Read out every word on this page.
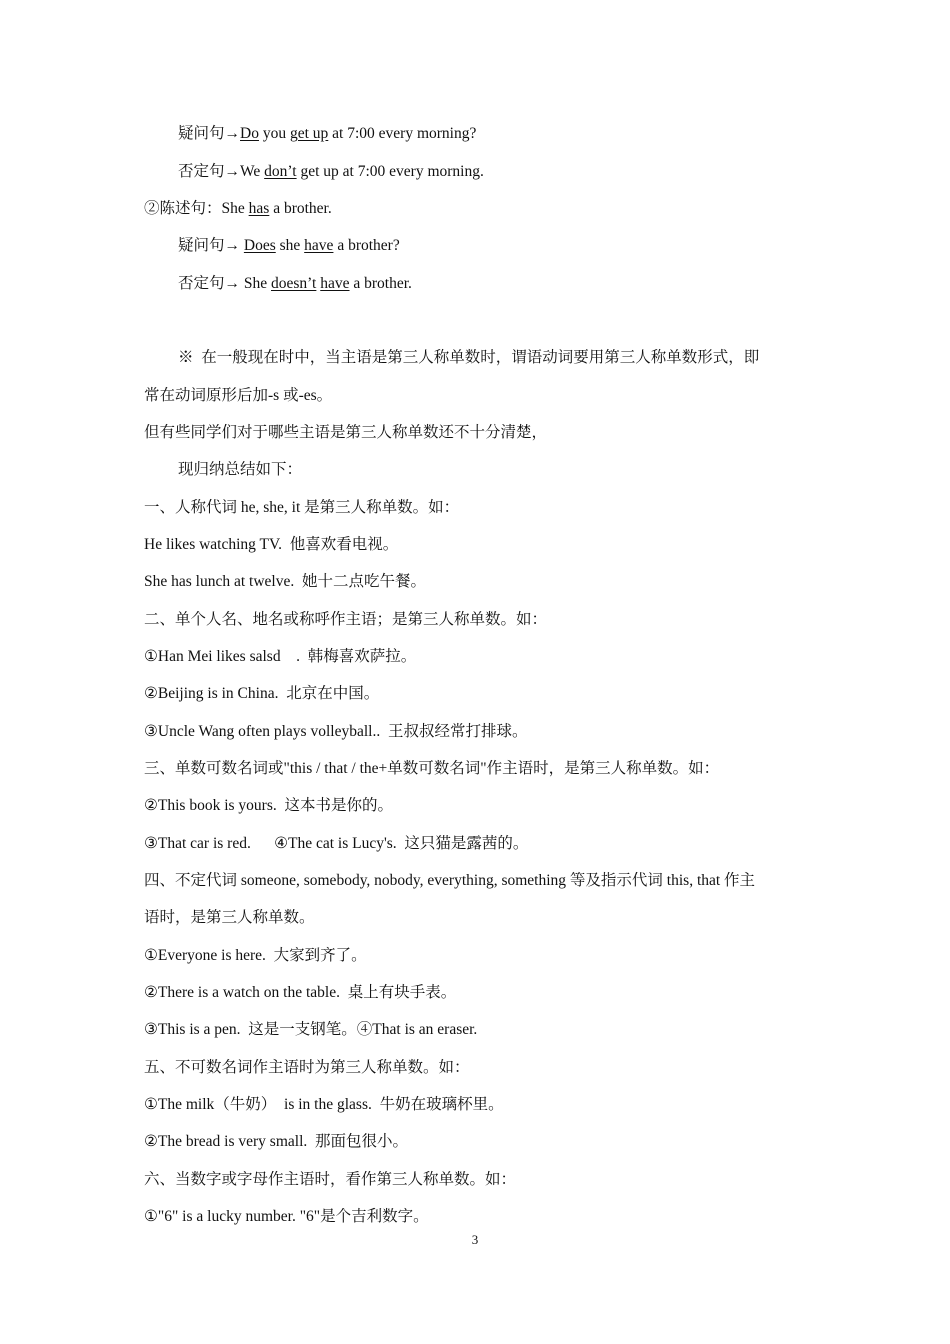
疑问句→Do you get up at 7:00 every morning?
否定句→We don’t get up at 7:00 every morning.
②陈述句：She has a brother.
疑问句→ Does she have a brother?
否定句→ She doesn’t have a brother.
※  在一般现在时中，当主语是第三人称单数时，谓语动词要用第三人称单数形式，即
常在动词原形后加-s 或-es。
但有些同学们对于哪些主语是第三人称单数还不十分清楚，
现归纳总结如下：
一、人称代词 he, she, it 是第三人称单数。如：
He likes watching TV.  他喜欢看电视。
She has lunch at twelve.  她十二点吃午餐。
二、单个人名、地名或称呼作主语；是第三人称单数。如：
①Han Mei likes salsd    .  韩梅喜欢萨拉。
②Beijing is in China.  北京在中国。
③Uncle Wang often plays volleyball..  王叔叔经常打排球。
三、单数可数名词或"this / that / the+单数可数名词"作主语时，是第三人称单数。如：
②This book is yours.  这本书是你的。
③That car is red.      ④The cat is Lucy's.  这只猫是露茜的。
四、不定代词 someone, somebody, nobody, everything, something 等及指示代词 this, that 作主
语时，是第三人称单数。
①Everyone is here.  大家到齐了。
②There is a watch on the table.  桌上有块手表。
③This is a pen.  这是一支钢笔。④That is an eraser.
五、不可数名词作主语时为第三人称单数。如：
①The milk（牛奶）  is in the glass.  牛奶在玻璃杯里。
②The bread is very small.  那面包很小。
六、当数字或字母作主语时，看作第三人称单数。如：
①"6" is a lucky number. "6"是个吉利数字。
3
